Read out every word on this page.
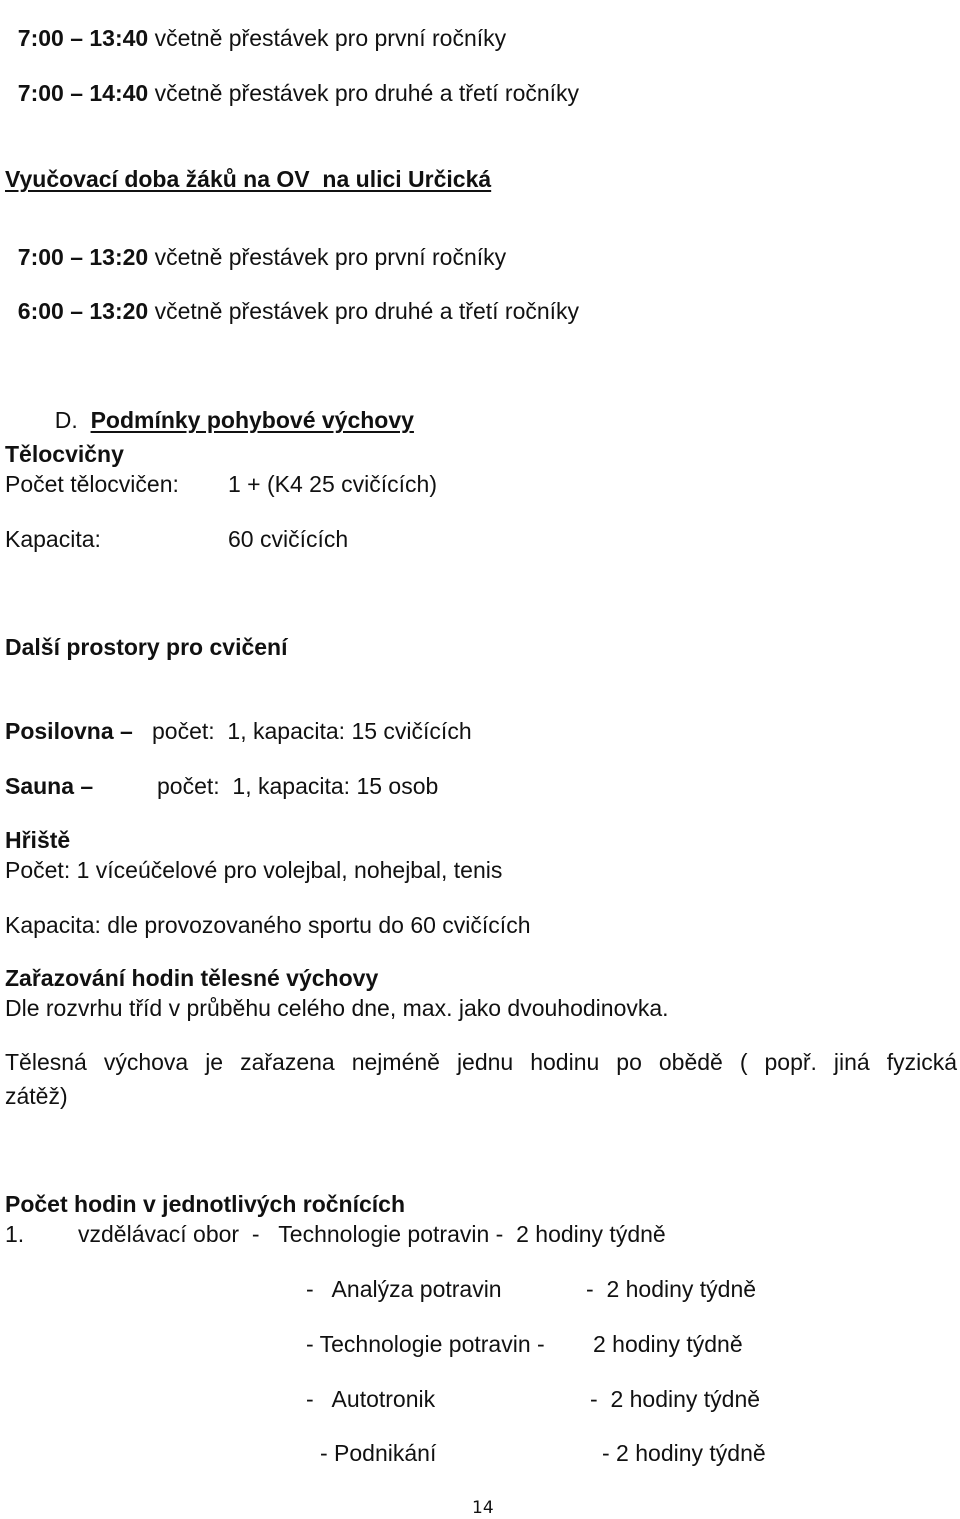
7:00 – 13:40 včetně přestávek pro první ročníky

7:00 – 14:40 včetně přestávek pro druhé a třetí ročníky

Vyučovací doba žáků na OV  na ulici Určická

7:00 – 13:20 včetně přestávek pro první ročníky

6:00 – 13:20 včetně přestávek pro druhé a třetí ročníky

D. Podmínky pohybové výchovy

Tělocvičny
Počet tělocvičen: 1 + (K4 25 cvičících)
Kapacita:	60 cvičících
Další prostory pro cvičení
Posilovna – počet:  1, kapacita: 15 cvičících
Sauna –	počet:  1, kapacita: 15 osob
Hřiště
Počet: 1 víceúčelové pro volejbal, nohejbal, tenis
Kapacita: dle provozovaného sportu do 60 cvičících
Zařazování hodin tělesné výchovy
Dle rozvrhu tříd v průběhu celého dne, max. jako dvouhodinovka.
Tělesná výchova je zařazena nejméně jednu hodinu po obědě ( popř. jiná fyzická
zátěž)
Počet hodin v jednotlivých ročnících
1. vzdělávací obor  -   Technologie potravin -  2 hodiny týdně
-   Analýza potravin	-  2 hodiny týdně
- Technologie potravin - 2 hodiny týdně
-   Autotronik	-  2 hodiny týdně
- Podnikání	- 2 hodiny týdně
14
